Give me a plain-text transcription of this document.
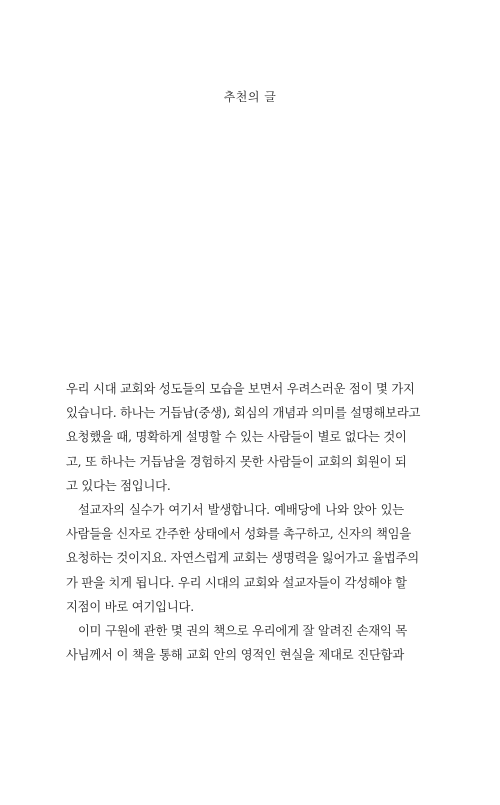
추천의 글
우리 시대 교회와 성도들의 모습을 보면서 우려스러운 점이 몇 가지
있습니다. 하나는 거듭남(중생), 회심의 개념과 의미를 설명해보라고
요청했을 때, 명확하게 설명할 수 있는 사람들이 별로 없다는 것이
고, 또 하나는 거듭남을 경험하지 못한 사람들이 교회의 회원이 되
고 있다는 점입니다.
설교자의 실수가 여기서 발생합니다. 예배당에 나와 앉아 있는
사람들을 신자로 간주한 상태에서 성화를 촉구하고, 신자의 책임을
요청하는 것이지요. 자연스럽게 교회는 생명력을 잃어가고 율법주의
가 판을 치게 됩니다. 우리 시대의 교회와 설교자들이 각성해야 할
지점이 바로 여기입니다.
이미 구원에 관한 몇 권의 책으로 우리에게 잘 알려진 손재익 목
사님께서 이 책을 통해 교회 안의 영적인 현실을 제대로 진단함과
